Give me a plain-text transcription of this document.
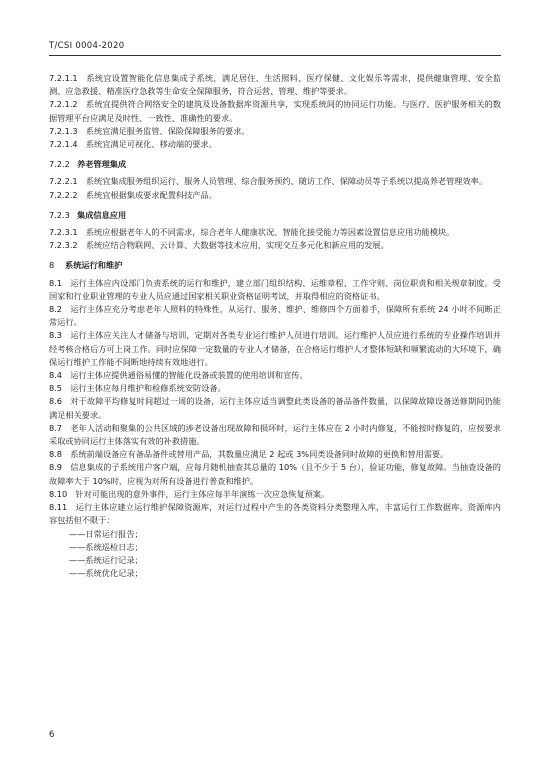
T/CSI 0004-2020

7.2.1.1　系统宜设置智能化信息集成子系统，满足居住、生活照料、医疗保健、文化娱乐等需求，提供健康管理、安全监测、应急救援、精准医疗急救等生命安全保障服务，符合运营、管理、维护等要求。

7.2.1.2　系统宜提供符合网络安全的建筑及设备数据库资源共享，实现系统间的协同运行功能。与医疗、医护服务相关的数据管理平台应满足及时性、一致性、准确性的要求。

7.2.1.3　系统宜满足服务监管、保险保障服务的要求。

7.2.1.4　系统宜满足可视化、移动端的要求。

7.2.2 养老管理集成

7.2.2.1　系统宜集成服务组织运行、服务人员管理、综合服务预约、随访工作、保障动员等子系统以提高养老管理效率。

7.2.2.2　系统宜根据集成要求配置科技产品。

7.2.3 集成信息应用

7.2.3.1　系统应根据老年人的不同需求，综合老年人健康状况、智能化接受能力等因素设置信息应用功能模块。

7.2.3.2　系统应结合物联网、云计算、大数据等技术应用，实现交互多元化和新应用的发展。

8 系统运行和维护

8.1　运行主体应内设部门负责系统的运行和维护，建立部门组织结构、运维章程、工作守则、岗位职责和相关规章制度。受国家和行业职业管理的专业人员应通过国家相关职业资格证明考试，并取得相应的资格证书。

8.2　运行主体应充分考虑老年人照料的特殊性，从运行、服务、维护、维修四个方面着手，保障所有系统 24 小时不间断正常运行。

8.3　运行主体应关注人才储备与培训，定期对各类专业运行维护人员进行培训。运行维护人员应进行系统的专业操作培训并经考核合格后方可上岗工作。同时应保障一定数量的专业人才储备，在合格运行维护人才整体短缺和频繁流动的大环境下，确保运行维护工作能不间断地持续有效地进行。

8.4　运行主体应提供通俗易懂的智能化设备或装置的使用培训和宣传。

8.5　运行主体应每月维护和检修系统安防设备。

8.6　对于故障平均修复时间超过一周的设备，运行主体应适当调整此类设备的备品备件数量，以保障故障设备送修期间仍能满足相关要求。

8.7　老年人活动和聚集的公共区域的涉老设备出现故障和损坏时，运行主体应在 2 小时内修复，不能按时修复的，应按要求采取或协同运行主体落实有效的补救措施。

8.8　系统前端设备应有备品备件或替用产品，其数量应满足 2 起或 3%同类设备同时故障的更换和替用需要。

8.9　信息集成的子系统用户客户端，应每月随机抽查其总量的 10%（且不少于 5 台），验证功能，修复故障。当抽查设备的故障率大于 10%时，应视为对所有设备进行普查和维护。

8.10　针对可能出现的意外事件，运行主体应每半年演练一次应急恢复预案。

8.11　运行主体应建立运行维护保障资源库，对运行过程中产生的各类资料分类整理入库，丰富运行工作数据库。资源库内容包括但不限于：

——日常运行报告；

——系统巡检日志；

——系统运行记录；

——系统优化记录；

6
